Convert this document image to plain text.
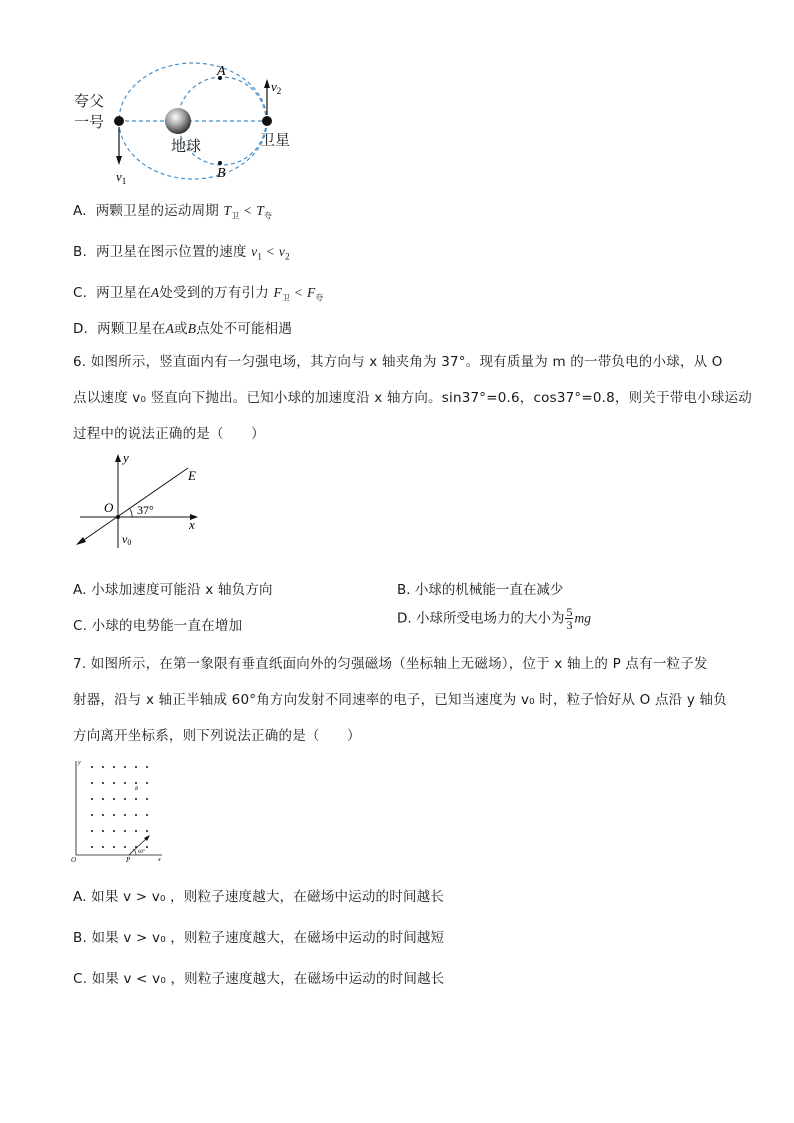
A
B
$v_1$
$v_2$
夸父
一号
地球	卫星
A. 两颗卫星的运动周期 $T_卫 < T_夸$
B. 两卫星在图示位置的速度 $v_1 < v_2$
C. 两卫星在A处受到的万有引力 $F_卫 < F_夸$
D. 两颗卫星在A或B点处不可能相遇
6. 如图所示，竖直面内有一匀强电场，其方向与 x 轴夹角为 37°。现有质量为 m 的一带负电的小球，从 O
点以速度 v₀ 竖直向下抛出。已知小球的加速度沿 x 轴方向。sin37°=0.6，cos37°=0.8，则关于带电小球运动
过程中的说法正确的是（　　）
y
x
E
O 37°
v0
A. 小球加速度可能沿 x 轴负方向	B. 小球的机械能一直在减少
C. 小球的电势能一直在增加	D. 小球所受电场力的大小为 $\frac{5}{3}$ mg
7. 如图所示，在第一象限有垂直纸面向外的匀强磁场（坐标轴上无磁场），位于 x 轴上的 P 点有一粒子发
射器，沿与 x 轴正半轴成 60°角方向发射不同速率的电子，已知当速度为 v₀ 时，粒子恰好从 O 点沿 y 轴负
方向离开坐标系，则下列说法正确的是（　　）
y
x
O	P
B
60°
A. 如果 v > v₀ ，则粒子速度越大，在磁场中运动的时间越长
B. 如果 v > v₀ ，则粒子速度越大，在磁场中运动的时间越短
C. 如果 v < v₀ ，则粒子速度越大，在磁场中运动的时间越长
